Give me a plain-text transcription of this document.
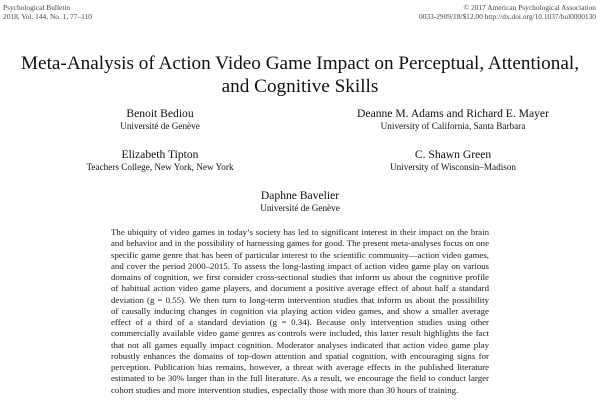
Psychological Bulletin
2018, Vol. 144, No. 1, 77–110
© 2017 American Psychological Association
0033-2909/18/$12.00 http://dx.doi.org/10.1037/bul0000130
Meta-Analysis of Action Video Game Impact on Perceptual, Attentional,
and Cognitive Skills
Benoit Bediou
Université de Genève
Deanne M. Adams and Richard E. Mayer
University of California, Santa Barbara
Elizabeth Tipton
Teachers College, New York, New York
C. Shawn Green
University of Wisconsin–Madison
Daphne Bavelier
Université de Genève
The ubiquity of video games in today’s society has led to significant interest in their impact on the brain
and behavior and in the possibility of harnessing games for good. The present meta-analyses focus on one
specific game genre that has been of particular interest to the scientific community—action video games,
and cover the period 2000–2015. To assess the long-lasting impact of action video game play on various
domains of cognition, we first consider cross-sectional studies that inform us about the cognitive profile
of habitual action video game players, and document a positive average effect of about half a standard
deviation (g = 0.55). We then turn to long-term intervention studies that inform us about the possibility
of causally inducing changes in cognition via playing action video games, and show a smaller average
effect of a third of a standard deviation (g = 0.34). Because only intervention studies using other
commercially available video game genres as controls were included, this latter result highlights the fact
that not all games equally impact cognition. Moderator analyses indicated that action video game play
robustly enhances the domains of top-down attention and spatial cognition, with encouraging signs for
perception. Publication bias remains, however, a threat with average effects in the published literature
estimated to be 30% larger than in the full literature. As a result, we encourage the field to conduct larger
cohort studies and more intervention studies, especially those with more than 30 hours of training.
